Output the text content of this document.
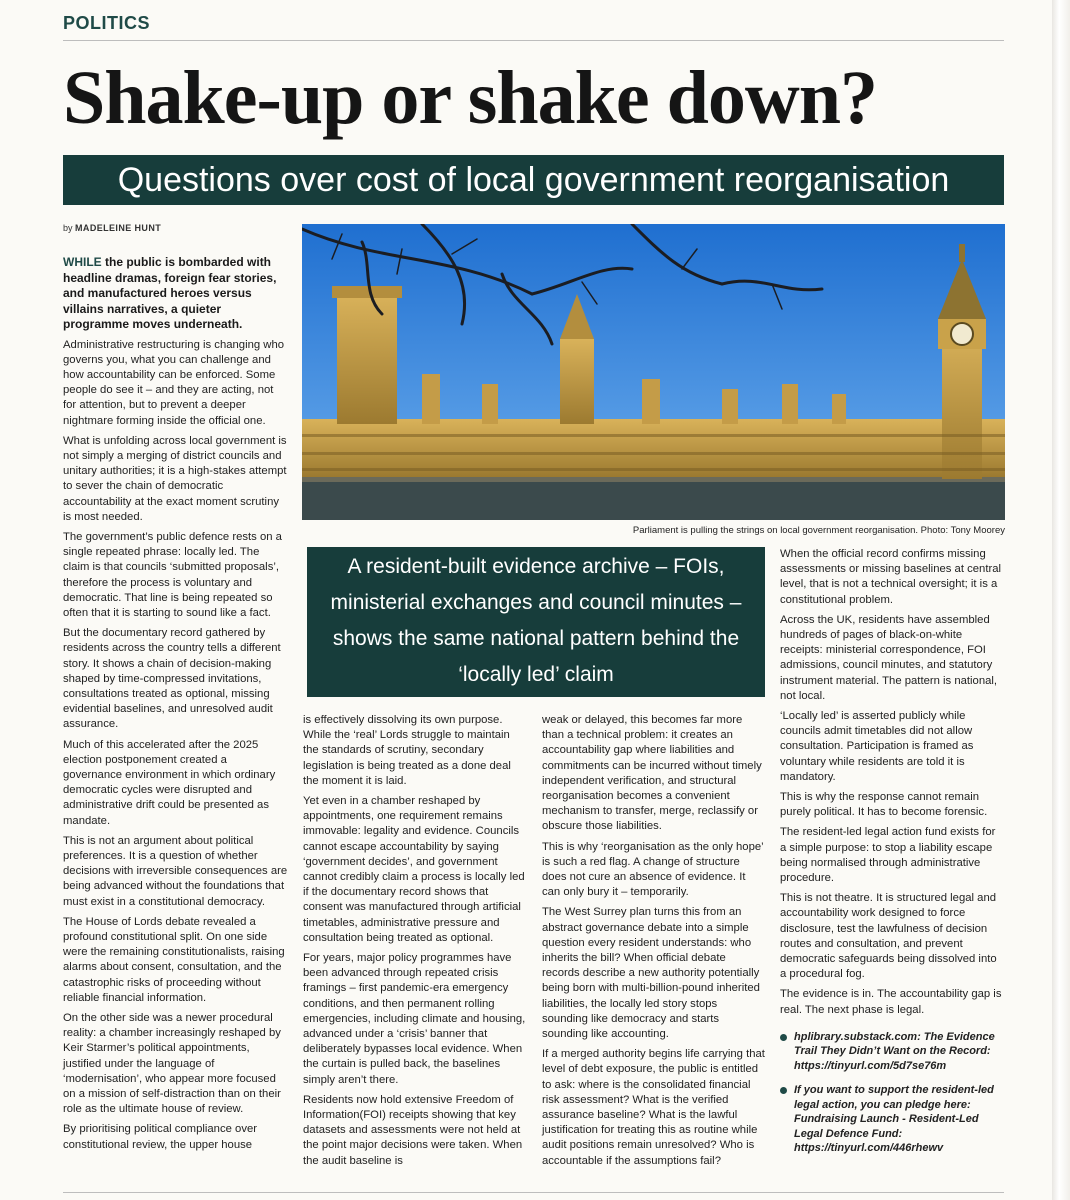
POLITICS
Shake-up or shake down?
Questions over cost of local government reorganisation
by MADELEINE HUNT

WHILE the public is bombarded with headline dramas, foreign fear stories, and manufactured heroes versus villains narratives, a quieter programme moves underneath.

Administrative restructuring is changing who governs you, what you can challenge and how accountability can be enforced. Some people do see it – and they are acting, not for attention, but to prevent a deeper nightmare forming inside the official one.

What is unfolding across local government is not simply a merging of district councils and unitary authorities; it is a high-stakes attempt to sever the chain of democratic accountability at the exact moment scrutiny is most needed.

The government’s public defence rests on a single repeated phrase: locally led. The claim is that councils ‘submitted proposals’, therefore the process is voluntary and democratic. That line is being repeated so often that it is starting to sound like a fact.

But the documentary record gathered by residents across the country tells a different story. It shows a chain of decision-making shaped by time-compressed invitations, consultations treated as optional, missing evidential baselines, and unresolved audit assurance.

Much of this accelerated after the 2025 election postponement created a governance environment in which ordinary democratic cycles were disrupted and administrative drift could be presented as mandate.

This is not an argument about political preferences. It is a question of whether decisions with irreversible consequences are being advanced without the foundations that must exist in a constitutional democracy.

The House of Lords debate revealed a profound constitutional split. On one side were the remaining constitutionalists, raising alarms about consent, consultation, and the catastrophic risks of proceeding without reliable financial information.

On the other side was a newer procedural reality: a chamber increasingly reshaped by Keir Starmer’s political appointments, justified under the language of ‘modernisation’, who appear more focused on a mission of self-distraction than on their role as the ultimate house of review.

By prioritising political compliance over constitutional review, the upper house

Parliament is pulling the strings on local government reorganisation. Photo: Tony Moorey
A resident-built evidence archive – FOIs, ministerial exchanges and council minutes – shows the same national pattern behind the ‘locally led’ claim

is effectively dissolving its own purpose. While the ‘real’ Lords struggle to maintain the standards of scrutiny, secondary legislation is being treated as a done deal the moment it is laid.

Yet even in a chamber reshaped by appointments, one requirement remains immovable: legality and evidence. Councils cannot escape accountability by saying ‘government decides’, and government cannot credibly claim a process is locally led if the documentary record shows that consent was manufactured through artificial timetables, administrative pressure and consultation being treated as optional.

For years, major policy programmes have been advanced through repeated crisis framings – first pandemic-era emergency conditions, and then permanent rolling emergencies, including climate and housing, advanced under a ‘crisis’ banner that deliberately bypasses local evidence. When the curtain is pulled back, the baselines simply aren’t there.

Residents now hold extensive Freedom of Information(FOI) receipts showing that key datasets and assessments were not held at the point major decisions were taken. When the audit baseline is

weak or delayed, this becomes far more than a technical problem: it creates an accountability gap where liabilities and commitments can be incurred without timely independent verification, and structural reorganisation becomes a convenient mechanism to transfer, merge, reclassify or obscure those liabilities.

This is why ‘reorganisation as the only hope’ is such a red flag. A change of structure does not cure an absence of evidence. It can only bury it – temporarily.

The West Surrey plan turns this from an abstract governance debate into a simple question every resident understands: who inherits the bill? When official debate records describe a new authority potentially being born with multi-billion-pound inherited liabilities, the locally led story stops sounding like democracy and starts sounding like accounting.

If a merged authority begins life carrying that level of debt exposure, the public is entitled to ask: where is the consolidated financial risk assessment? What is the verified assurance baseline? What is the lawful justification for treating this as routine while audit positions remain unresolved? Who is accountable if the assumptions fail?

When the official record confirms missing assessments or missing baselines at central level, that is not a technical oversight; it is a constitutional problem.

Across the UK, residents have assembled hundreds of pages of black-on-white receipts: ministerial correspondence, FOI admissions, council minutes, and statutory instrument material. The pattern is national, not local.

‘Locally led’ is asserted publicly while councils admit timetables did not allow consultation. Participation is framed as voluntary while residents are told it is mandatory.

This is why the response cannot remain purely political. It has to become forensic.

The resident-led legal action fund exists for a simple purpose: to stop a liability escape being normalised through administrative procedure.

This is not theatre. It is structured legal and accountability work designed to force disclosure, test the lawfulness of decision routes and consultation, and prevent democratic safeguards being dissolved into a procedural fog.

The evidence is in. The accountability gap is real. The next phase is legal.

hplibrary.substack.com: The Evidence Trail They Didn’t Want on the Record: https://tinyurl.com/5d7se76m
If you want to support the resident-led legal action, you can pledge here: Fundraising Launch - Resident-Led Legal Defence Fund: https://tinyurl.com/446rhewv
